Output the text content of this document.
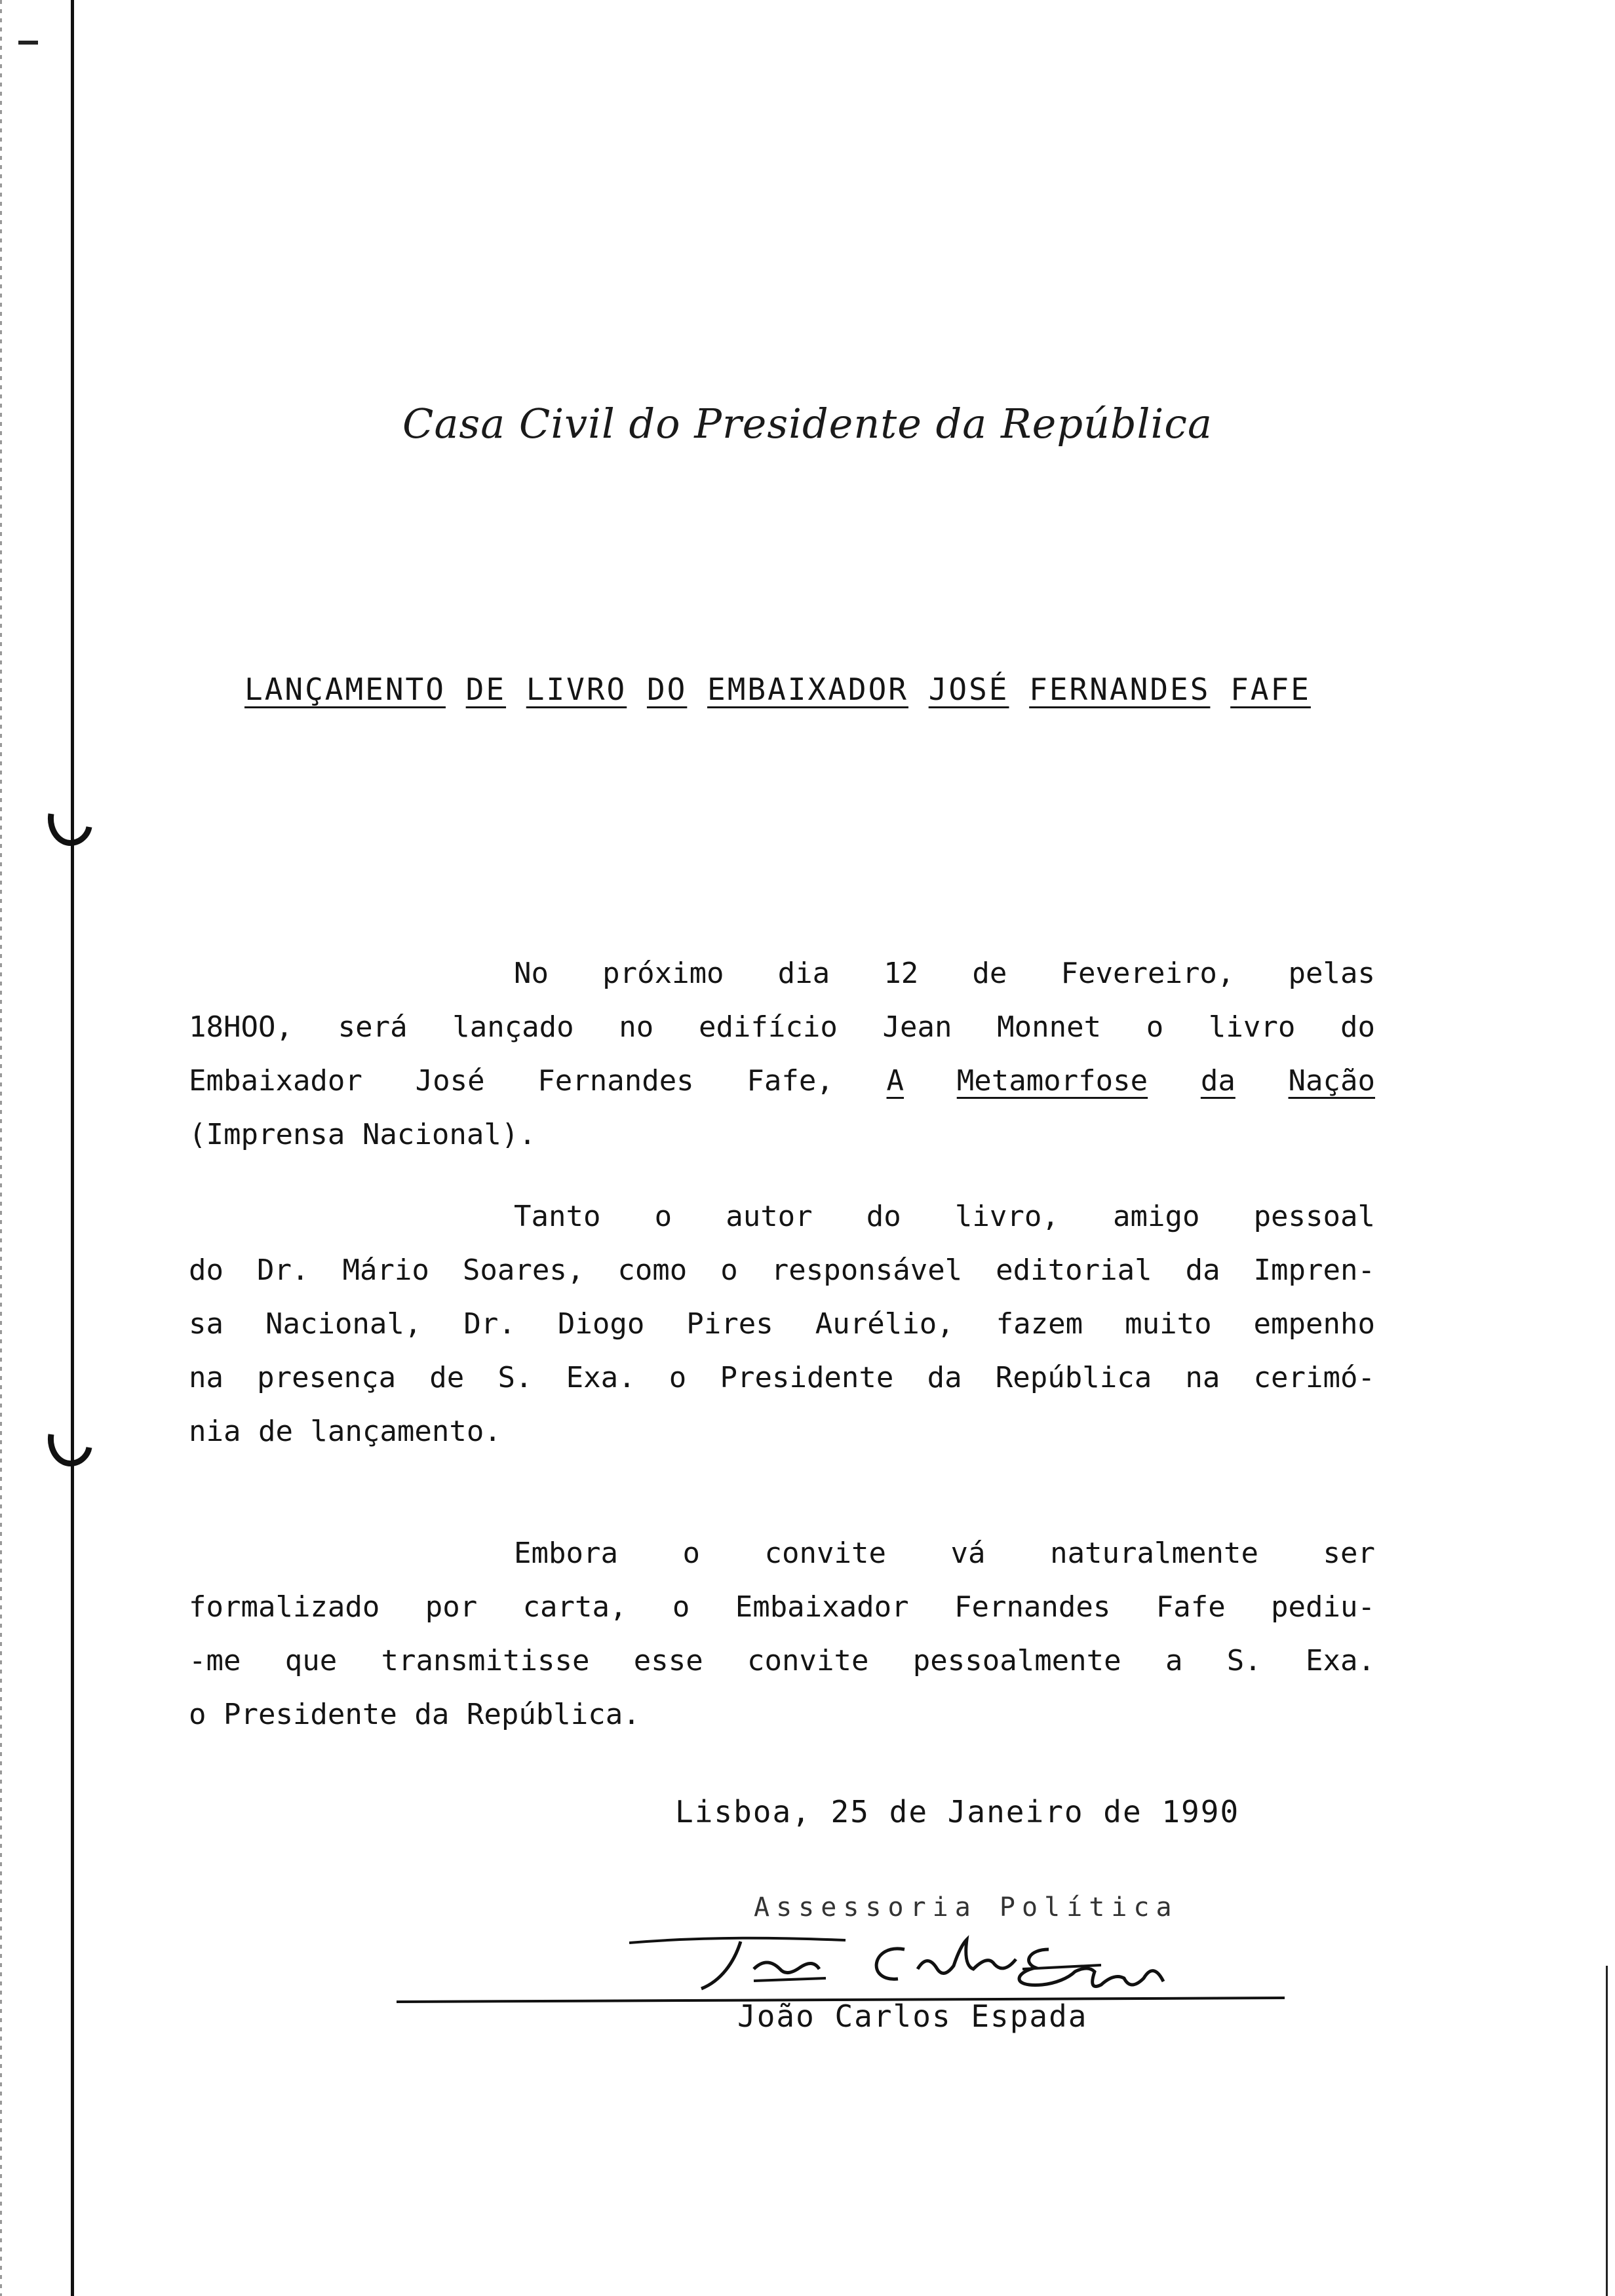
Casa Civil do Presidente da República
LANÇAMENTO DE LIVRO DO EMBAIXADOR JOSÉ FERNANDES FAFE
No próximo dia 12 de Fevereiro, pelas
18HOO, será lançado no edifício Jean Monnet o livro do
Embaixador José Fernandes Fafe, A Metamorfose da Nação
(Imprensa Nacional).
Tanto o autor do livro, amigo pessoal
do Dr. Mário Soares, como o responsável editorial da Impren-
sa Nacional, Dr. Diogo Pires Aurélio, fazem muito empenho
na presença de S. Exa. o Presidente da República na cerimó-
nia de lançamento.
Embora o convite vá naturalmente ser
formalizado por carta, o Embaixador Fernandes Fafe pediu-
-me que transmitisse esse convite pessoalmente a S. Exa.
o Presidente da República.
Lisboa, 25 de Janeiro de 1990
Assessoria Política
João Carlos Espada
